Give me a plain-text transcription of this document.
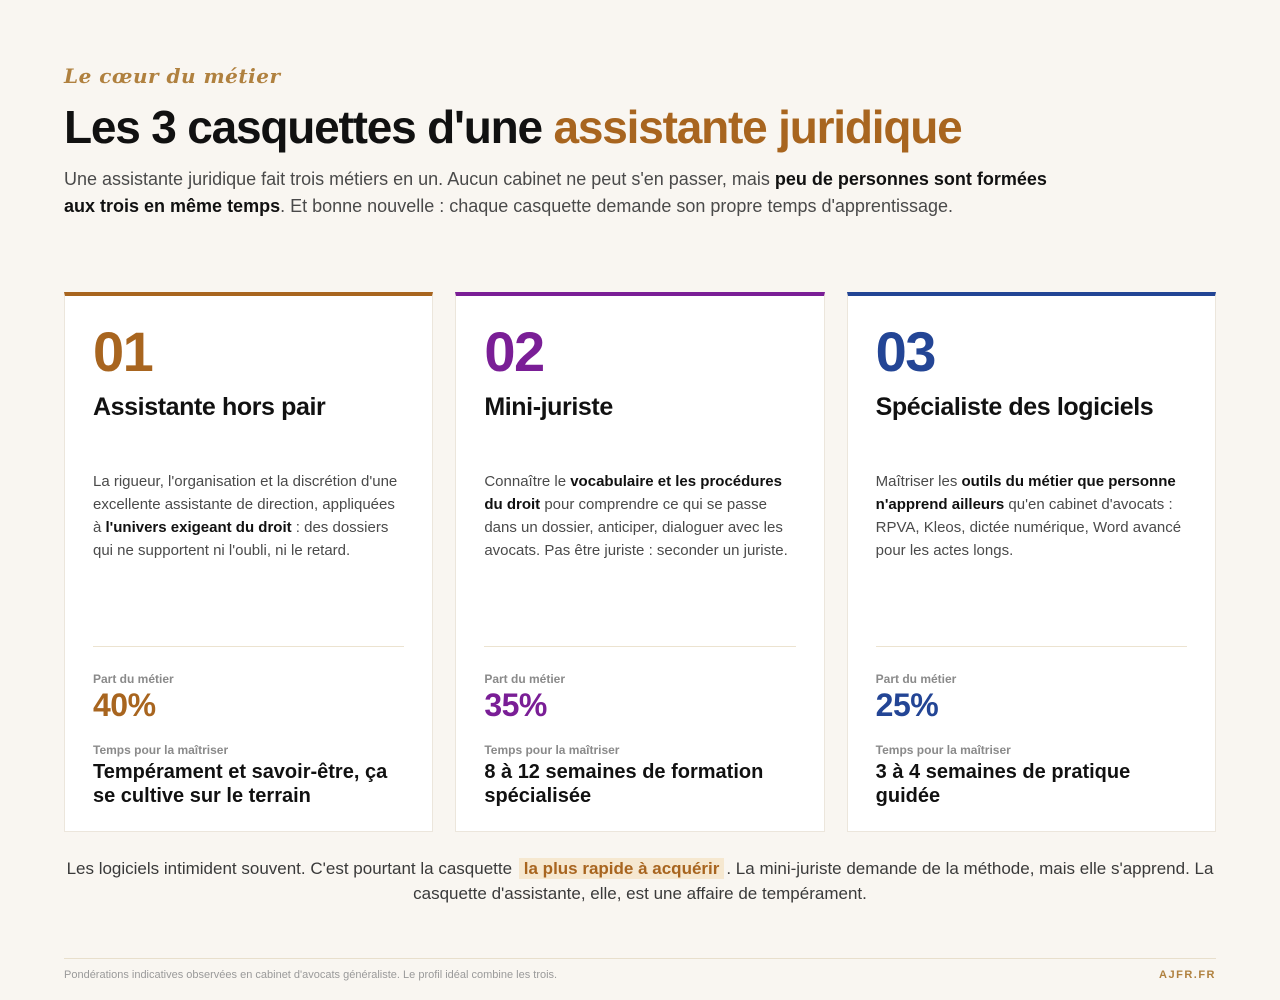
Le cœur du métier
Les 3 casquettes d'une assistante juridique

Une assistante juridique fait trois métiers en un. Aucun cabinet ne peut s'en passer, mais peu de personnes sont formées aux trois en même temps. Et bonne nouvelle : chaque casquette demande son propre temps d'apprentissage.

01
Assistante hors pair

La rigueur, l'organisation et la discrétion d'une excellente assistante de direction, appliquées à l'univers exigeant du droit : des dossiers qui ne supportent ni l'oubli, ni le retard.

Part du métier
40%
Temps pour la maîtriser
Tempérament et savoir-être, ça se cultive sur le terrain
02
Mini-juriste

Connaître le vocabulaire et les procédures du droit pour comprendre ce qui se passe dans un dossier, anticiper, dialoguer avec les avocats. Pas être juriste : seconder un juriste.

Part du métier
35%
Temps pour la maîtriser
8 à 12 semaines de formation spécialisée
03
Spécialiste des logiciels

Maîtriser les outils du métier que personne n'apprend ailleurs qu'en cabinet d'avocats : RPVA, Kleos, dictée numérique, Word avancé pour les actes longs.

Part du métier
25%
Temps pour la maîtriser
3 à 4 semaines de pratique guidée

Les logiciels intimident souvent. C'est pourtant la casquette la plus rapide à acquérir . La mini-juriste demande de la méthode, mais elle s'apprend. La casquette d'assistante, elle, est une affaire de tempérament.

Pondérations indicatives observées en cabinet d'avocats généraliste. Le profil idéal combine les trois.	AJFR.FR
